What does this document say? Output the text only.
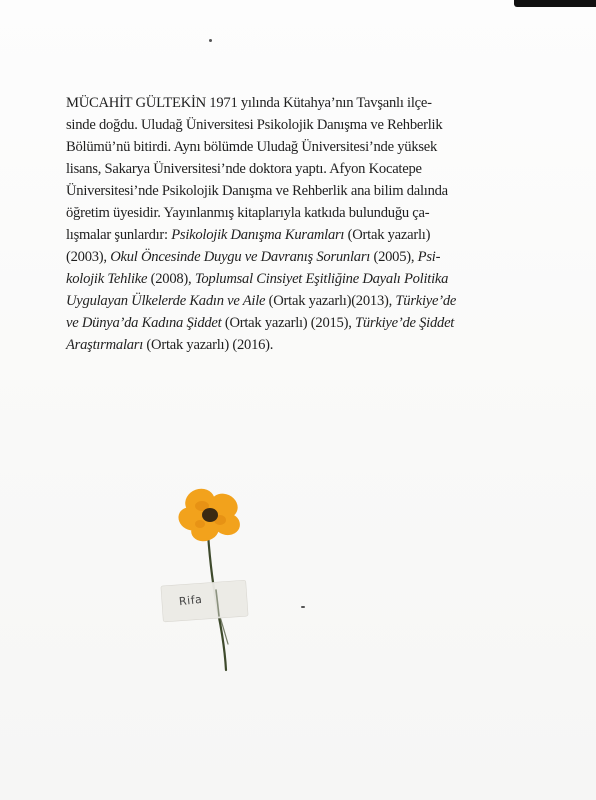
MÜCAHİT GÜLTEKİN 1971 yılında Kütahya’nın Tavşanlı ilçe-
sinde doğdu. Uludağ Üniversitesi Psikolojik Danışma ve Rehberlik
Bölümü’nü bitirdi. Aynı bölümde Uludağ Üniversitesi’nde yüksek
lisans, Sakarya Üniversitesi’nde doktora yaptı. Afyon Kocatepe
Üniversitesi’nde Psikolojik Danışma ve Rehberlik ana bilim dalında
öğretim üyesidir. Yayınlanmış kitaplarıyla katkıda bulunduğu ça-
lışmalar şunlardır: Psikolojik Danışma Kuramları (Ortak yazarlı)
(2003), Okul Öncesinde Duygu ve Davranış Sorunları (2005), Psi-
kolojik Tehlike (2008), Toplumsal Cinsiyet Eşitliğine Dayalı Politika
Uygulayan Ülkelerde Kadın ve Aile (Ortak yazarlı)(2013), Türkiye’de
ve Dünya’da Kadına Şiddet (Ortak yazarlı) (2015), Türkiye’de Şiddet
Araştırmaları (Ortak yazarlı) (2016).

Rifa
